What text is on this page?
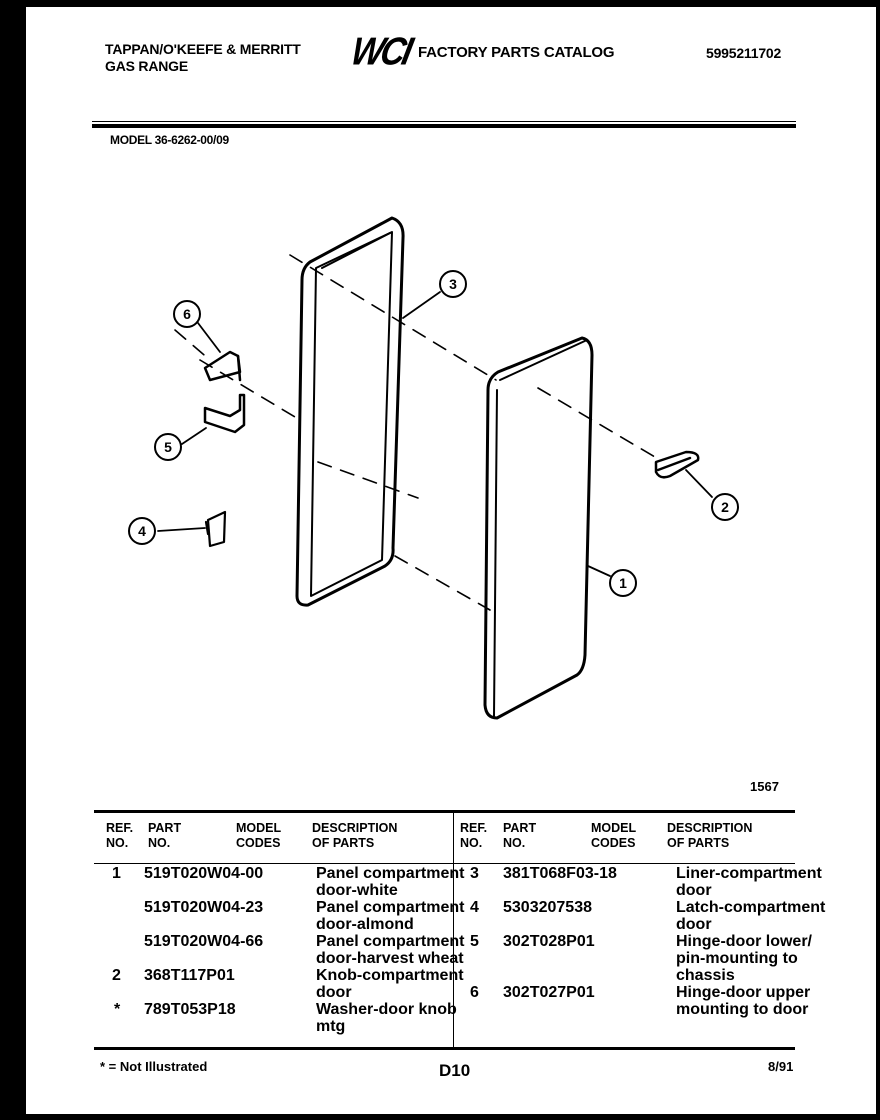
TAPPAN/O'KEEFE & MERRITT
GAS RANGE	WCI FACTORY PARTS CATALOG	5995211702
MODEL 36-6262-00/09
6
5
4
3
2
1
1567
REF.
NO.
PART
NO.
MODEL
CODES
DESCRIPTION
OF PARTS
REF.
NO.
PART
NO.
MODEL
CODES
DESCRIPTION
OF PARTS
1 519T020W04-00	Panel compartment
door-white
519T020W04-23	Panel compartment
door-almond
519T020W04-66	Panel compartment
door-harvest wheat
2 368T117P01	Knob-compartment
door
* 789T053P18	Washer-door knob
mtg
3 381T068F03-18	Liner-compartment
door
4 5303207538	Latch-compartment
door
5 302T028P01	Hinge-door lower/
pin-mounting to
chassis
6 302T027P01	Hinge-door upper
mounting to door
* = Not Illustrated	D10	8/91
